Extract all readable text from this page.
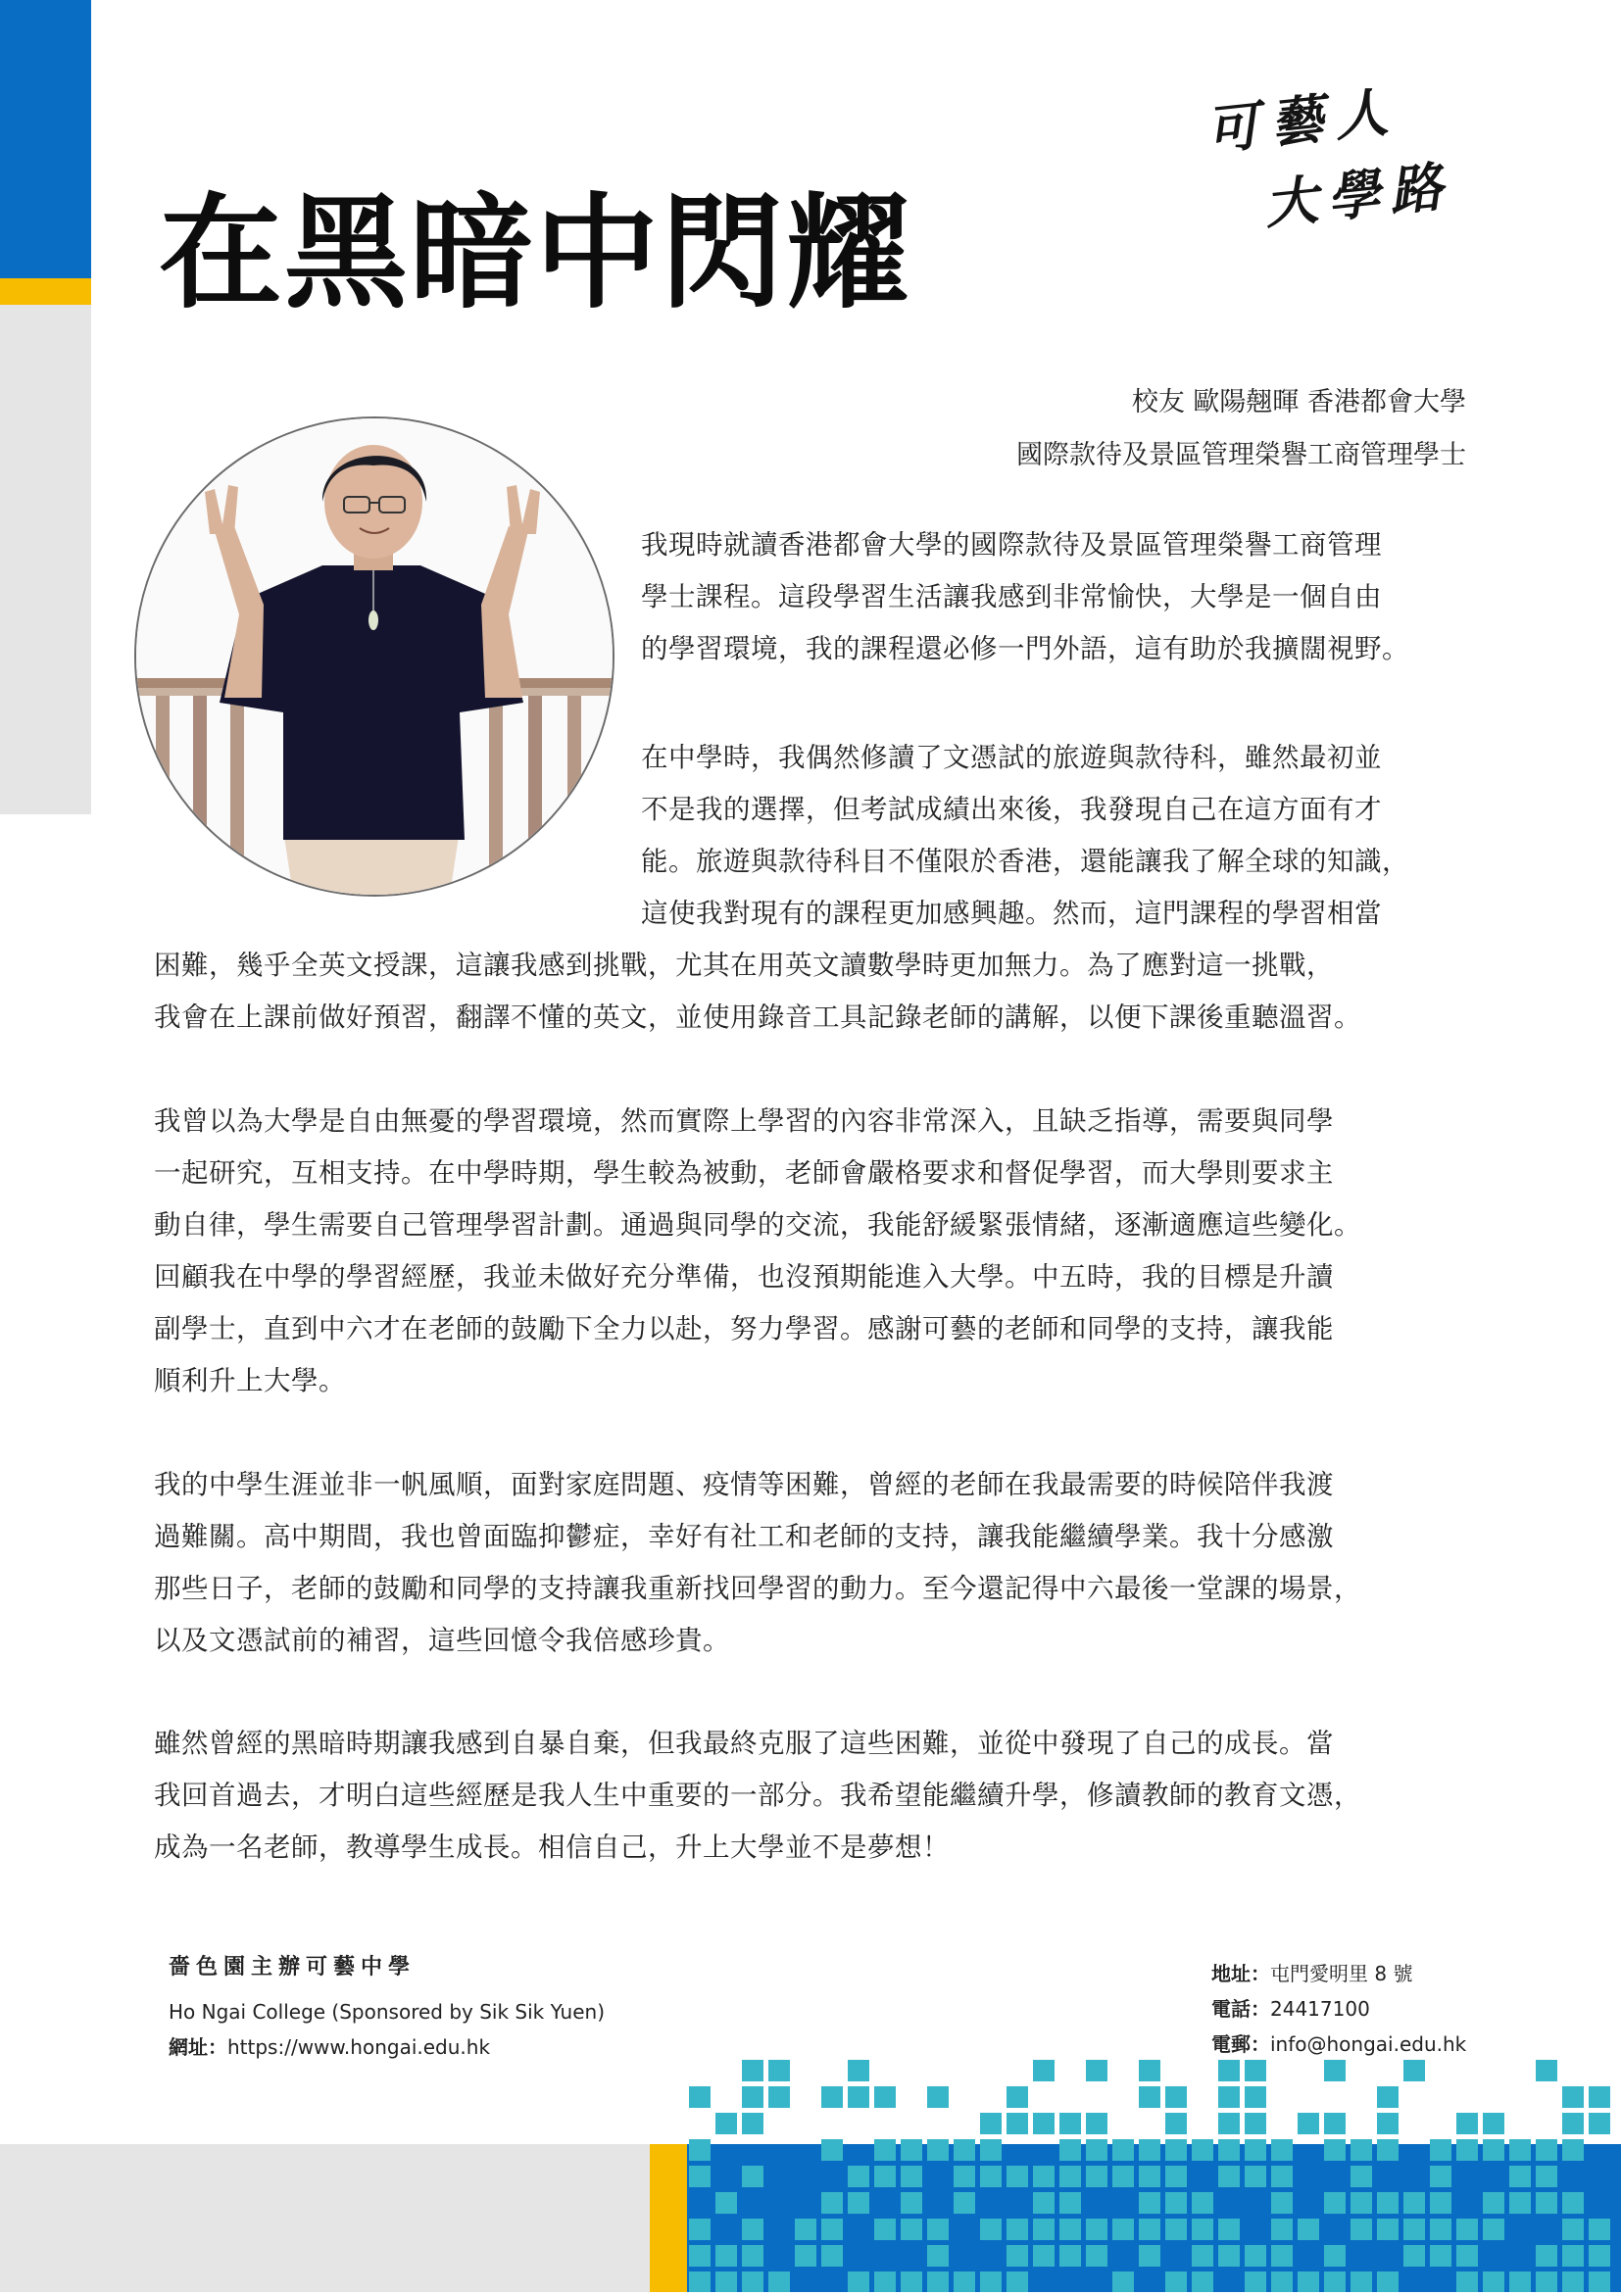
可藝人
大學路
在黑暗中閃耀
校友 歐陽翹暉 香港都會大學
國際款待及景區管理榮譽工商管理學士
我現時就讀香港都會大學的國際款待及景區管理榮譽工商管理
學士課程。這段學習生活讓我感到非常愉快，大學是一個自由
的學習環境，我的課程還必修一門外語，這有助於我擴闊視野。
在中學時，我偶然修讀了文憑試的旅遊與款待科，雖然最初並
不是我的選擇，但考試成績出來後，我發現自己在這方面有才
能。旅遊與款待科目不僅限於香港，還能讓我了解全球的知識，
這使我對現有的課程更加感興趣。然而，這門課程的學習相當
困難，幾乎全英文授課，這讓我感到挑戰，尤其在用英文讀數學時更加無力。為了應對這一挑戰，
我會在上課前做好預習，翻譯不懂的英文，並使用錄音工具記錄老師的講解，以便下課後重聽溫習。
我曾以為大學是自由無憂的學習環境，然而實際上學習的內容非常深入，且缺乏指導，需要與同學
一起研究，互相支持。在中學時期，學生較為被動，老師會嚴格要求和督促學習，而大學則要求主
動自律，學生需要自己管理學習計劃。通過與同學的交流，我能舒緩緊張情緒，逐漸適應這些變化。
回顧我在中學的學習經歷，我並未做好充分準備，也沒預期能進入大學。中五時，我的目標是升讀
副學士，直到中六才在老師的鼓勵下全力以赴，努力學習。感謝可藝的老師和同學的支持，讓我能
順利升上大學。
我的中學生涯並非一帆風順，面對家庭問題、疫情等困難，曾經的老師在我最需要的時候陪伴我渡
過難關。高中期間，我也曾面臨抑鬱症，幸好有社工和老師的支持，讓我能繼續學業。我十分感激
那些日子，老師的鼓勵和同學的支持讓我重新找回學習的動力。至今還記得中六最後一堂課的場景，
以及文憑試前的補習，這些回憶令我倍感珍貴。
雖然曾經的黑暗時期讓我感到自暴自棄，但我最終克服了這些困難，並從中發現了自己的成長。當
我回首過去，才明白這些經歷是我人生中重要的一部分。我希望能繼續升學，修讀教師的教育文憑，
成為一名老師，教導學生成長。相信自己，升上大學並不是夢想！
嗇色園主辦可藝中學
Ho Ngai College (Sponsored by Sik Sik Yuen)
網址：https://www.hongai.edu.hk
地址：屯門愛明里 8 號
電話：24417100
電郵：info@hongai.edu.hk
